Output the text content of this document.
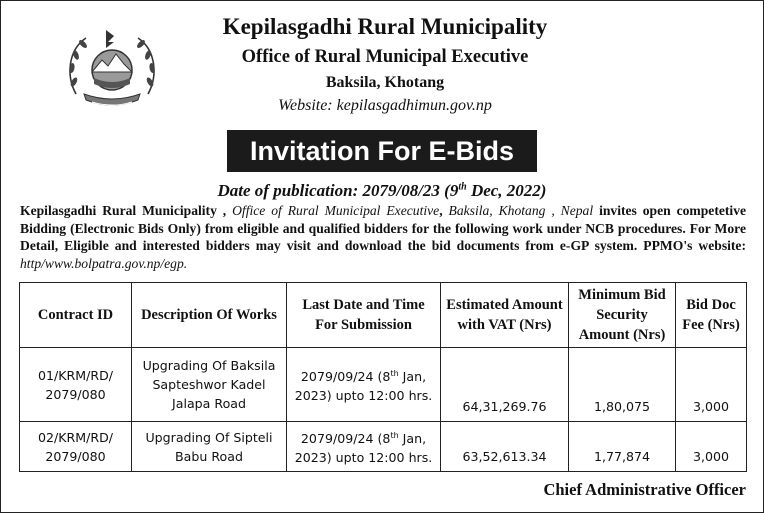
Kepilasgadhi Rural Municipality
Office of Rural Municipal Executive
Baksila, Khotang
Website: kepilasgadhimun.gov.np
Invitation For E-Bids
Date of publication: 2079/08/23 (9th Dec, 2022)
Kepilasgadhi Rural Municipality , Office of Rural Municipal Executive, Baksila, Khotang , Nepal invites open competetive Bidding (Electronic Bids Only) from eligible and qualified bidders for the following work under NCB procedures. For More Detail, Eligible and interested bidders may visit and download the bid documents from e-GP system. PPMO's website: http/www.bolpatra.gov.np/egp.
Contract ID	Description Of Works	Last Date and Time For Submission	Estimated Amount with VAT (Nrs)	Minimum Bid Security Amount (Nrs)	Bid Doc Fee (Nrs)
01/KRM/RD/ 2079/080	Upgrading Of Baksila Sapteshwor Kadel Jalapa Road	2079/09/24 (8th Jan, 2023) upto 12:00 hrs.	64,31,269.76	1,80,075	3,000
02/KRM/RD/ 2079/080	Upgrading Of Sipteli Babu Road	2079/09/24 (8th Jan, 2023) upto 12:00 hrs.	63,52,613.34	1,77,874	3,000
Chief Administrative Officer
